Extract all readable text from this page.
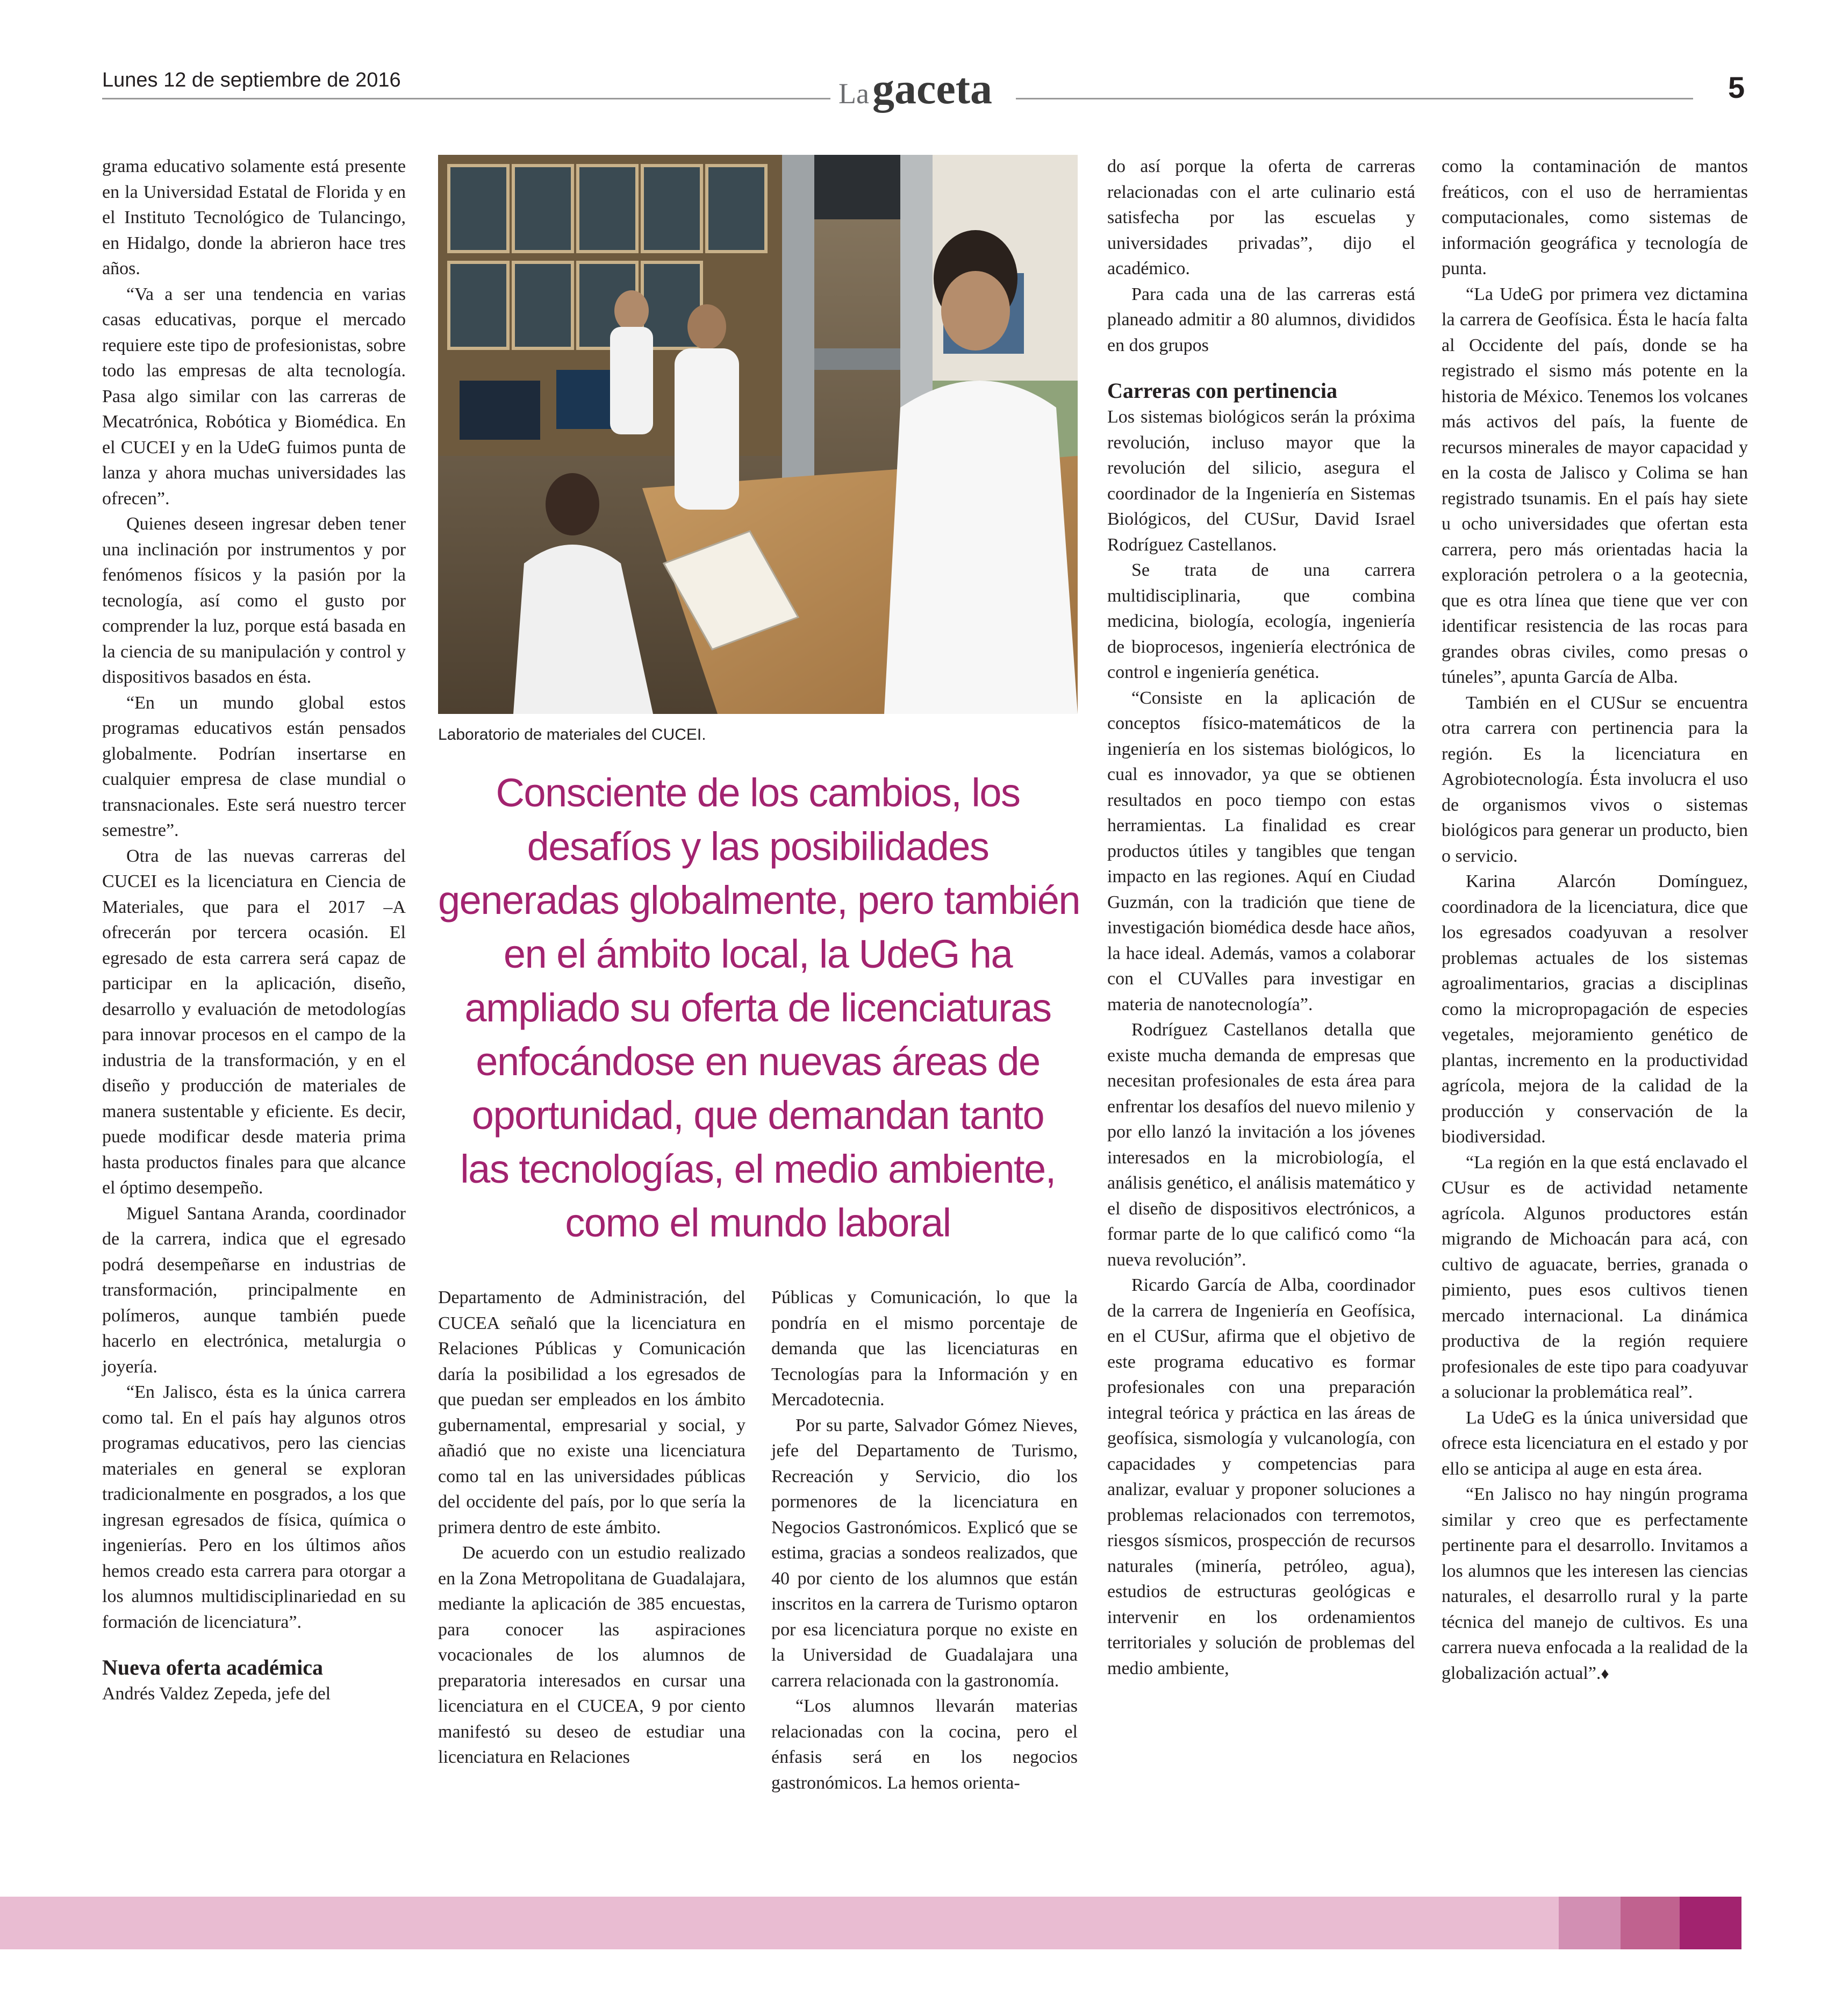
Lunes 12 de septiembre de 2016	Lagaceta	5

grama educativo solamente está presente en la Universidad Estatal de Florida y en el Instituto Tecnológico de Tulancingo, en Hidalgo, donde la abrieron hace tres años.

“Va a ser una tendencia en varias casas educativas, porque el mercado requiere este tipo de profesionistas, sobre todo las empresas de alta tecnología. Pasa algo similar con las carreras de Mecatrónica, Robótica y Biomédica. En el CUCEI y en la UdeG fuimos punta de lanza y ahora muchas universidades las ofrecen”.

Quienes deseen ingresar deben tener una inclinación por instrumentos y por fenómenos físicos y la pasión por la tecnología, así como el gusto por comprender la luz, porque está basada en la ciencia de su manipulación y control y dispositivos basados en ésta.

“En un mundo global estos programas educativos están pensados globalmente. Podrían insertarse en cualquier empresa de clase mundial o transnacionales. Este será nuestro tercer semestre”.

Otra de las nuevas carreras del CUCEI es la licenciatura en Ciencia de Materiales, que para el 2017 –A ofrecerán por tercera ocasión. El egresado de esta carrera será capaz de participar en la aplicación, diseño, desarrollo y evaluación de metodologías para innovar procesos en el campo de la industria de la transformación, y en el diseño y producción de materiales de manera sustentable y eficiente. Es decir, puede modificar desde materia prima hasta productos finales para que alcance el óptimo desempeño.

Miguel Santana Aranda, coordinador de la carrera, indica que el egresado podrá desempeñarse en industrias de transformación, principalmente en polímeros, aunque también puede hacerlo en electrónica, metalurgia o joyería.

“En Jalisco, ésta es la única carrera como tal. En el país hay algunos otros programas educativos, pero las ciencias materiales en general se exploran tradicionalmente en posgrados, a los que ingresan egresados de física, química o ingenierías. Pero en los últimos años hemos creado esta carrera para otorgar a los alumnos multidisciplinariedad en su formación de licenciatura”.

Nueva oferta académica

Andrés Valdez Zepeda, jefe del

Laboratorio de materiales del CUCEI.
Consciente de los cambios, los
desafíos y las posibilidades
generadas globalmente, pero también
en el ámbito local, la UdeG ha
ampliado su oferta de licenciaturas
enfocándose en nuevas áreas de
oportunidad, que demandan tanto
las tecnologías, el medio ambiente,
como el mundo laboral

Departamento de Administración, del CUCEA señaló que la licenciatura en Relaciones Públicas y Comunicación daría la posibilidad a los egresados de que puedan ser empleados en los ámbito gubernamental, empresarial y social, y añadió que no existe una licenciatura como tal en las universidades públicas del occidente del país, por lo que sería la primera dentro de este ámbito.

De acuerdo con un estudio realizado en la Zona Metropolitana de Guadalajara, mediante la aplicación de 385 encuestas, para conocer las aspiraciones vocacionales de los alumnos de preparatoria interesados en cursar una licenciatura en el CUCEA, 9 por ciento manifestó su deseo de estudiar una licenciatura en Relaciones

Públicas y Comunicación, lo que la pondría en el mismo porcentaje de demanda que las licenciaturas en Tecnologías para la Información y en Mercadotecnia.

Por su parte, Salvador Gómez Nieves, jefe del Departamento de Turismo, Recreación y Servicio, dio los pormenores de la licenciatura en Negocios Gastronómicos. Explicó que se estima, gracias a sondeos realizados, que 40 por ciento de los alumnos que están inscritos en la carrera de Turismo optaron por esa licenciatura porque no existe en la Universidad de Guadalajara una carrera relacionada con la gastronomía.

“Los alumnos llevarán materias relacionadas con la cocina, pero el énfasis será en los negocios gastronómicos. La hemos orienta-

do así porque la oferta de carreras relacionadas con el arte culinario está satisfecha por las escuelas y universidades privadas”, dijo el académico.

Para cada una de las carreras está planeado admitir a 80 alumnos, divididos en dos grupos

Carreras con pertinencia

Los sistemas biológicos serán la próxima revolución, incluso mayor que la revolución del silicio, asegura el coordinador de la Ingeniería en Sistemas Biológicos, del CUSur, David Israel Rodríguez Castellanos.

Se trata de una carrera multidisciplinaria, que combina medicina, biología, ecología, ingeniería de bioprocesos, ingeniería electrónica de control e ingeniería genética.

“Consiste en la aplicación de conceptos físico-matemáticos de la ingeniería en los sistemas biológicos, lo cual es innovador, ya que se obtienen resultados en poco tiempo con estas herramientas. La finalidad es crear productos útiles y tangibles que tengan impacto en las regiones. Aquí en Ciudad Guzmán, con la tradición que tiene de investigación biomédica desde hace años, la hace ideal. Además, vamos a colaborar con el CUValles para investigar en materia de nanotecnología”.

Rodríguez Castellanos detalla que existe mucha demanda de empresas que necesitan profesionales de esta área para enfrentar los desafíos del nuevo milenio y por ello lanzó la invitación a los jóvenes interesados en la microbiología, el análisis genético, el análisis matemático y el diseño de dispositivos electrónicos, a formar parte de lo que calificó como “la nueva revolución”.

Ricardo García de Alba, coordinador de la carrera de Ingeniería en Geofísica, en el CUSur, afirma que el objetivo de este programa educativo es formar profesionales con una preparación integral teórica y práctica en las áreas de geofísica, sismología y vulcanología, con capacidades y competencias para analizar, evaluar y proponer soluciones a problemas relacionados con terremotos, riesgos sísmicos, prospección de recursos naturales (minería, petróleo, agua), estudios de estructuras geológicas e intervenir en los ordenamientos territoriales y solución de problemas del medio ambiente,

como la contaminación de mantos freáticos, con el uso de herramientas computacionales, como sistemas de información geográfica y tecnología de punta.

“La UdeG por primera vez dictamina la carrera de Geofísica. Ésta le hacía falta al Occidente del país, donde se ha registrado el sismo más potente en la historia de México. Tenemos los volcanes más activos del país, la fuente de recursos minerales de mayor capacidad y en la costa de Jalisco y Colima se han registrado tsunamis. En el país hay siete u ocho universidades que ofertan esta carrera, pero más orientadas hacia la exploración petrolera o a la geotecnia, que es otra línea que tiene que ver con identificar resistencia de las rocas para grandes obras civiles, como presas o túneles”, apunta García de Alba.

También en el CUSur se encuentra otra carrera con pertinencia para la región. Es la licenciatura en Agrobiotecnología. Ésta involucra el uso de organismos vivos o sistemas biológicos para generar un producto, bien o servicio.

Karina Alarcón Domínguez, coordinadora de la licenciatura, dice que los egresados coadyuvan a resolver problemas actuales de los sistemas agroalimentarios, gracias a disciplinas como la micropropagación de especies vegetales, mejoramiento genético de plantas, incremento en la productividad agrícola, mejora de la calidad de la producción y conservación de la biodiversidad.

“La región en la que está enclavado el CUsur es de actividad netamente agrícola. Algunos productores están migrando de Michoacán para acá, con cultivo de aguacate, berries, granada o pimiento, pues esos cultivos tienen mercado internacional. La dinámica productiva de la región requiere profesionales de este tipo para coadyuvar a solucionar la problemática real”.

La UdeG es la única universidad que ofrece esta licenciatura en el estado y por ello se anticipa al auge en esta área.

“En Jalisco no hay ningún programa similar y creo que es perfectamente pertinente para el desarrollo. Invitamos a los alumnos que les interesen las ciencias naturales, el desarrollo rural y la parte técnica del manejo de cultivos. Es una carrera nueva enfocada a la realidad de la globalización actual”.♦
